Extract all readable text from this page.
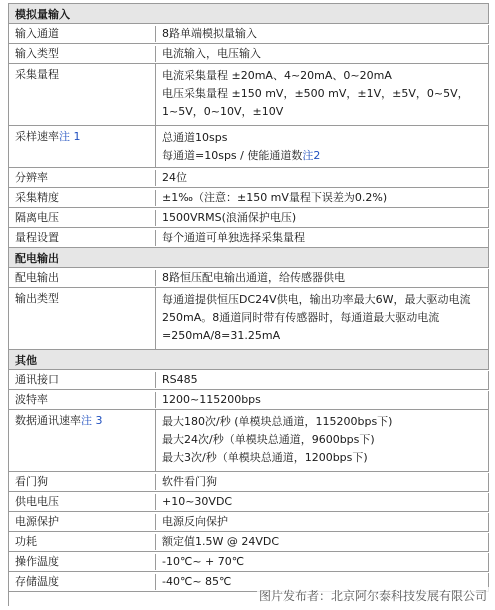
模拟量输入
输入通道	8路单端模拟量输入
输入类型	电流输入，电压输入
采集量程	电流采集量程 ±20mA、4~20mA、0~20mA
电压采集量程 ±150 mV，±500 mV，±1V，±5V，0~5V，
1~5V，0~10V，±10V
采样速率注 1	总通道10sps
每通道=10sps / 使能通道数注2
分辨率	24位
采集精度	±1‰（注意：±150 mV量程下误差为0.2%)
隔离电压	1500VRMS(浪涌保护电压)
量程设置	每个通道可单独选择采集量程
配电输出
配电输出	8路恒压配电输出通道，给传感器供电
输出类型	每通道提供恒压DC24V供电，输出功率最大6W，最大驱动电流
250mA。8通道同时带有传感器时，每通道最大驱动电流
=250mA/8=31.25mA
其他
通讯接口	RS485
波特率	1200~115200bps
数据通讯速率注 3	最大180次/秒 (单模块总通道，115200bps下)
最大24次/秒（单模块总通道，9600bps下)
最大3次/秒（单模块总通道，1200bps下)
看门狗	软件看门狗
供电电压	+10~30VDC
电源保护	电源反向保护
功耗	额定值1.5W @ 24VDC
操作温度	-10℃~ + 70℃
存储温度	-40℃~ 85℃
图片发布者：北京阿尔泰科技发展有限公司
